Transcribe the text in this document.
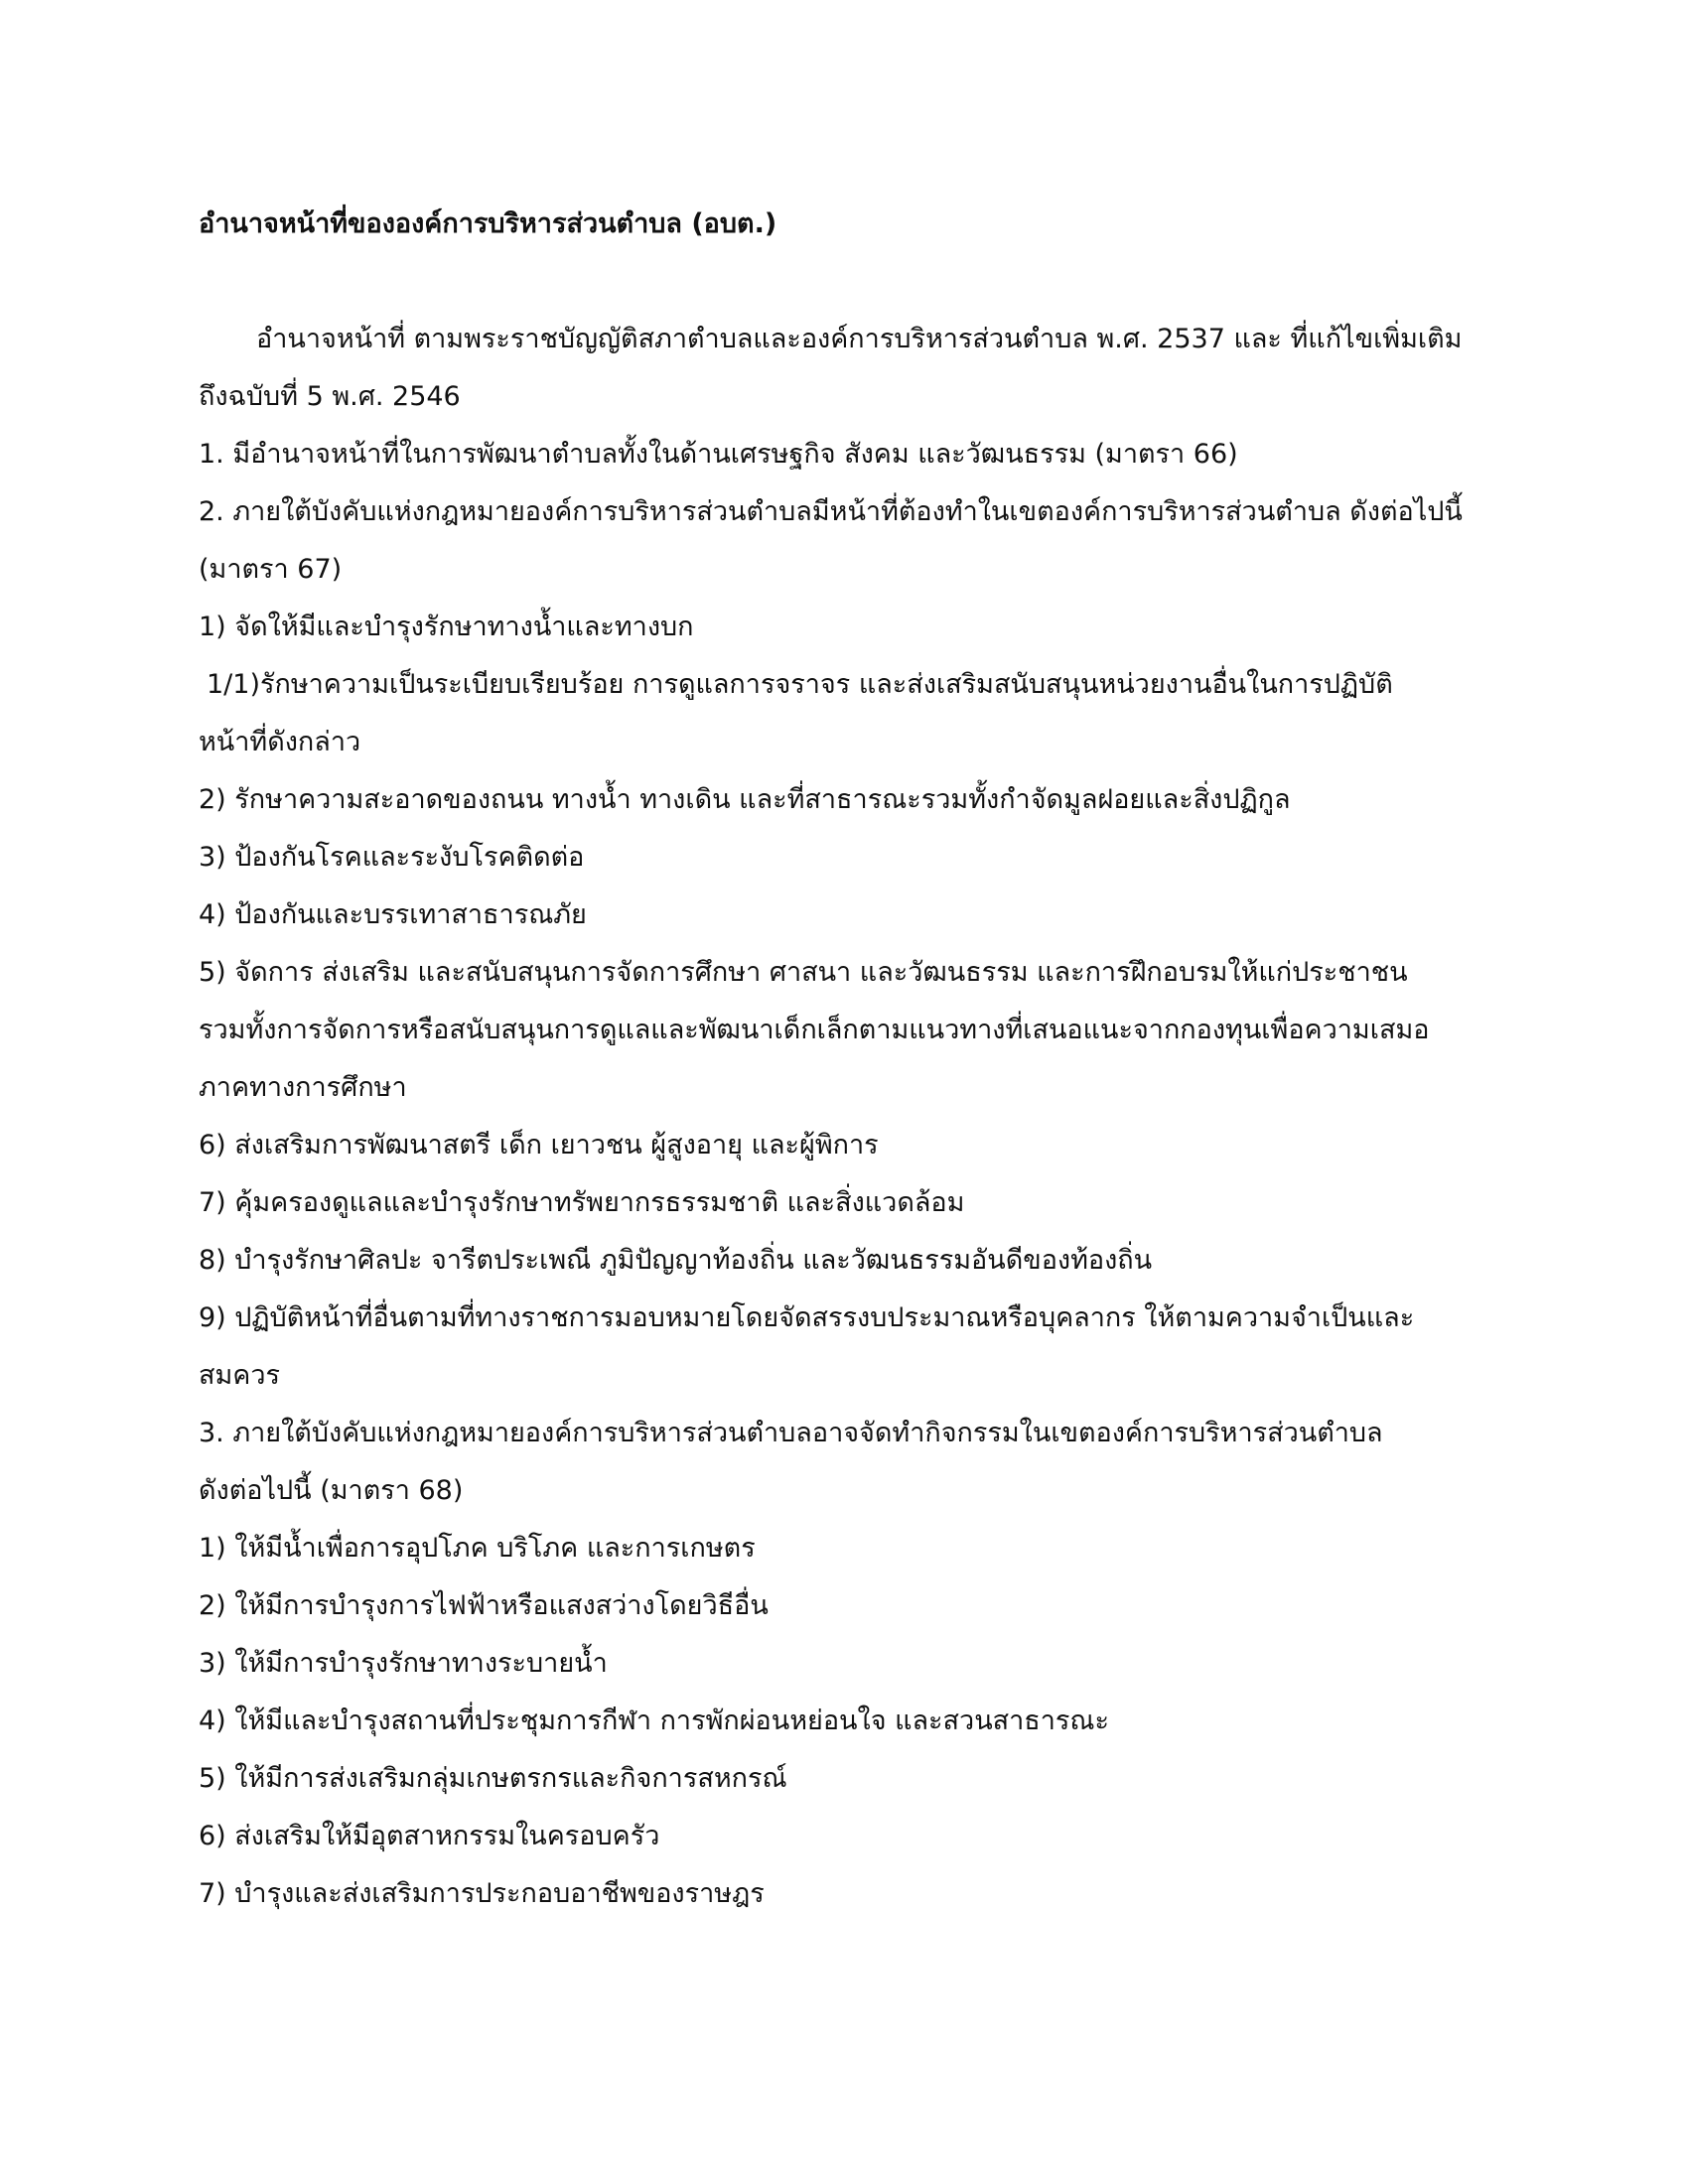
อำนาจหน้าที่ขององค์การบริหารส่วนตำบล (อบต.)
อำนาจหน้าที่ ตามพระราชบัญญัติสภาตำบลและองค์การบริหารส่วนตำบล พ.ศ. 2537 และ ที่แก้ไขเพิ่มเติม
ถึงฉบับที่ 5 พ.ศ. 2546
1. มีอำนาจหน้าที่ในการพัฒนาตำบลทั้งในด้านเศรษฐกิจ สังคม และวัฒนธรรม (มาตรา 66)
2. ภายใต้บังคับแห่งกฎหมายองค์การบริหารส่วนตำบลมีหน้าที่ต้องทำในเขตองค์การบริหารส่วนตำบล ดังต่อไปนี้
(มาตรา 67)
1) จัดให้มีและบำรุงรักษาทางน้ำและทางบก
1/1)รักษาความเป็นระเบียบเรียบร้อย การดูแลการจราจร และส่งเสริมสนับสนุนหน่วยงานอื่นในการปฏิบัติ
หน้าที่ดังกล่าว
2) รักษาความสะอาดของถนน ทางน้ำ ทางเดิน และที่สาธารณะรวมทั้งกำจัดมูลฝอยและสิ่งปฏิกูล
3) ป้องกันโรคและระงับโรคติดต่อ
4) ป้องกันและบรรเทาสาธารณภัย
5) จัดการ ส่งเสริม และสนับสนุนการจัดการศึกษา ศาสนา และวัฒนธรรม และการฝึกอบรมให้แก่ประชาชน
รวมทั้งการจัดการหรือสนับสนุนการดูแลและพัฒนาเด็กเล็กตามแนวทางที่เสนอแนะจากกองทุนเพื่อความเสมอ
ภาคทางการศึกษา
6) ส่งเสริมการพัฒนาสตรี เด็ก เยาวชน ผู้สูงอายุ และผู้พิการ
7) คุ้มครองดูแลและบำรุงรักษาทรัพยากรธรรมชาติ และสิ่งแวดล้อม
8) บำรุงรักษาศิลปะ จารีตประเพณี ภูมิปัญญาท้องถิ่น และวัฒนธรรมอันดีของท้องถิ่น
9) ปฏิบัติหน้าที่อื่นตามที่ทางราชการมอบหมายโดยจัดสรรงบประมาณหรือบุคลากร ให้ตามความจำเป็นและ
สมควร
3. ภายใต้บังคับแห่งกฎหมายองค์การบริหารส่วนตำบลอาจจัดทำกิจกรรมในเขตองค์การบริหารส่วนตำบล
ดังต่อไปนี้ (มาตรา 68)
1) ให้มีน้ำเพื่อการอุปโภค บริโภค และการเกษตร
2) ให้มีการบำรุงการไฟฟ้าหรือแสงสว่างโดยวิธีอื่น
3) ให้มีการบำรุงรักษาทางระบายน้ำ
4) ให้มีและบำรุงสถานที่ประชุมการกีฬา การพักผ่อนหย่อนใจ และสวนสาธารณะ
5) ให้มีการส่งเสริมกลุ่มเกษตรกรและกิจการสหกรณ์
6) ส่งเสริมให้มีอุตสาหกรรมในครอบครัว
7) บำรุงและส่งเสริมการประกอบอาชีพของราษฎร
